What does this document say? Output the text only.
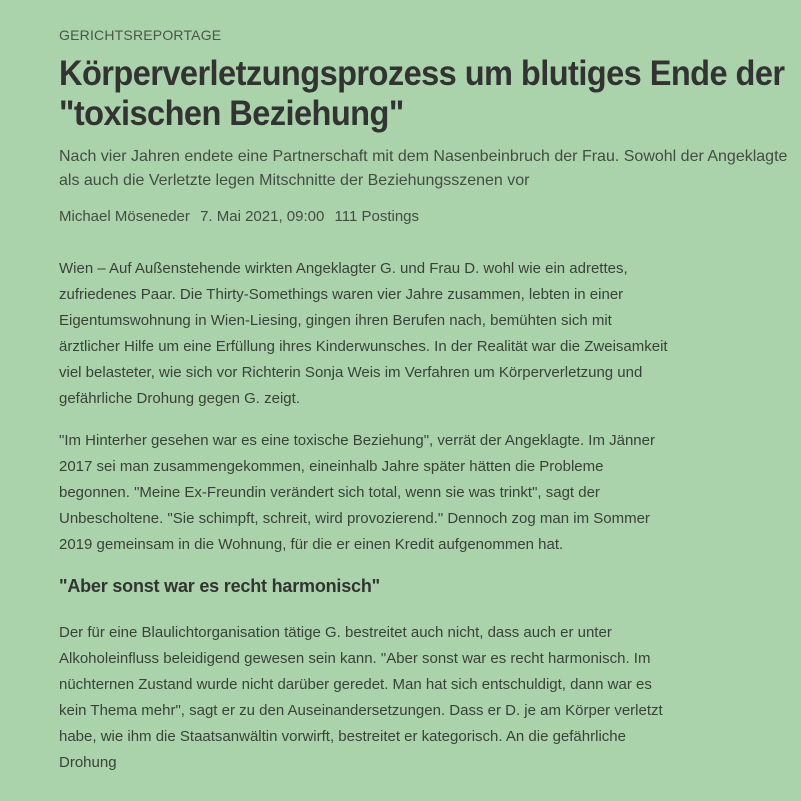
GERICHTSREPORTAGE
Körperverletzungsprozess um blutiges Ende der "toxischen Beziehung"

Nach vier Jahren endete eine Partnerschaft mit dem Nasenbeinbruch der Frau. Sowohl der Angeklagte als auch die Verletzte legen Mitschnitte der Beziehungsszenen vor

Michael Möseneder 7. Mai 2021, 09:00 111 Postings

Wien – Auf Außenstehende wirkten Angeklagter G. und Frau D. wohl wie ein adrettes, zufriedenes Paar. Die Thirty-Somethings waren vier Jahre zusammen, lebten in einer Eigentumswohnung in Wien-Liesing, gingen ihren Berufen nach, bemühten sich mit ärztlicher Hilfe um eine Erfüllung ihres Kinderwunsches. In der Realität war die Zweisamkeit viel belasteter, wie sich vor Richterin Sonja Weis im Verfahren um Körperverletzung und gefährliche Drohung gegen G. zeigt.

"Im Hinterher gesehen war es eine toxische Beziehung", verrät der Angeklagte. Im Jänner 2017 sei man zusammengekommen, eineinhalb Jahre später hätten die Probleme begonnen. "Meine Ex-Freundin verändert sich total, wenn sie was trinkt", sagt der Unbescholtene. "Sie schimpft, schreit, wird provozierend." Dennoch zog man im Sommer 2019 gemeinsam in die Wohnung, für die er einen Kredit aufgenommen hat.

"Aber sonst war es recht harmonisch"

Der für eine Blaulichtorganisation tätige G. bestreitet auch nicht, dass auch er unter Alkoholeinfluss beleidigend gewesen sein kann. "Aber sonst war es recht harmonisch. Im nüchternen Zustand wurde nicht darüber geredet. Man hat sich entschuldigt, dann war es kein Thema mehr", sagt er zu den Auseinandersetzungen. Dass er D. je am Körper verletzt habe, wie ihm die Staatsanwältin vorwirft, bestreitet er kategorisch. An die gefährliche Drohung
